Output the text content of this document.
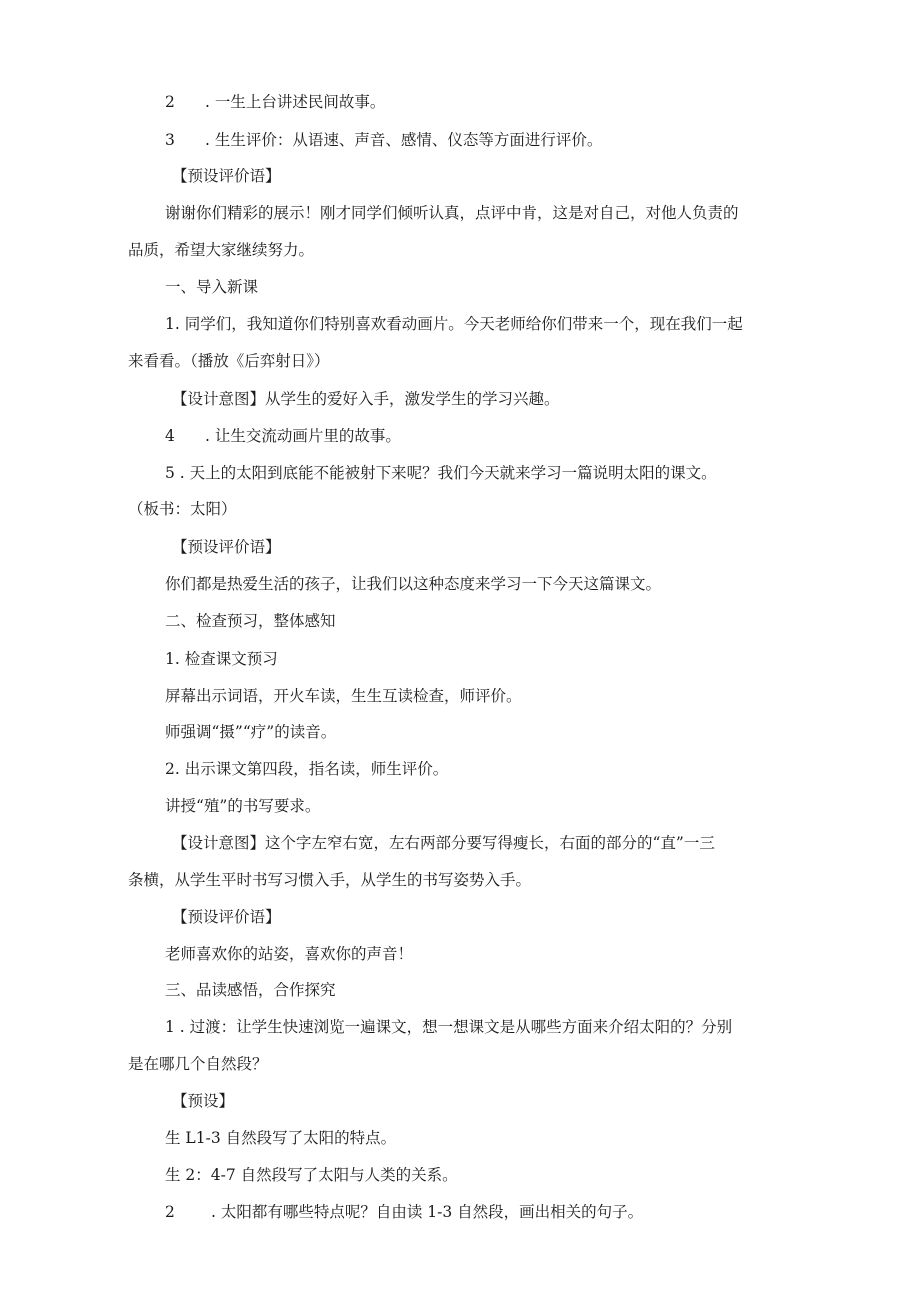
2 . 一生上台讲述民间故事。
3 . 生生评价：从语速、声音、感情、仪态等方面进行评价。
【预设评价语】
谢谢你们精彩的展示！刚才同学们倾听认真，点评中肯，这是对自己，对他人负责的
品质，希望大家继续努力。
一、导入新课
1. 同学们，我知道你们特别喜欢看动画片。今天老师给你们带来一个，现在我们一起
来看看。（播放《后弈射日》）
【设计意图】从学生的爱好入手，激发学生的学习兴趣。
4 . 让生交流动画片里的故事。
5 . 天上的太阳到底能不能被射下来呢？我们今天就来学习一篇说明太阳的课文。
（板书：太阳）
【预设评价语】
你们都是热爱生活的孩子，让我们以这种态度来学习一下今天这篇课文。
二、检查预习，整体感知
1. 检查课文预习
屏幕出示词语，开火车读，生生互读检查，师评价。
师强调“摄”“疗”的读音。
2. 出示课文第四段，指名读，师生评价。
讲授“殖”的书写要求。
【设计意图】这个字左窄右宽，左右两部分要写得瘦长，右面的部分的“直”一三
条横，从学生平时书写习惯入手，从学生的书写姿势入手。
【预设评价语】
老师喜欢你的站姿，喜欢你的声音！
三、品读感悟，合作探究
1 . 过渡：让学生快速浏览一遍课文，想一想课文是从哪些方面来介绍太阳的？分别
是在哪几个自然段？
【预设】
生 L1-3 自然段写了太阳的特点。
生 2：4-7 自然段写了太阳与人类的关系。
2 . 太阳都有哪些特点呢？自由读 1-3 自然段，画出相关的句子。
